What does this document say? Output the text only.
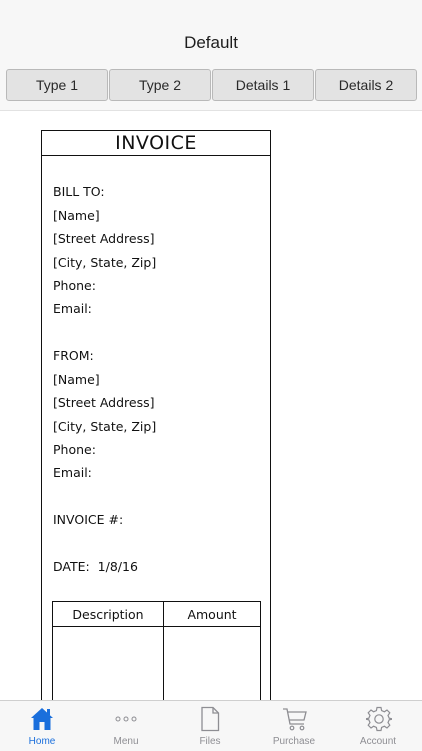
Default
Type 1	Type 2	Details 1	Details 2
INVOICE
BILL TO:
[Name]
[Street Address]
[City, State, Zip]
Phone:
Email:
FROM:
[Name]
[Street Address]
[City, State, Zip]
Phone:
Email:
INVOICE #:
DATE:  1/8/16
Description	Amount
Home	Menu	Files	Purchase	Account
